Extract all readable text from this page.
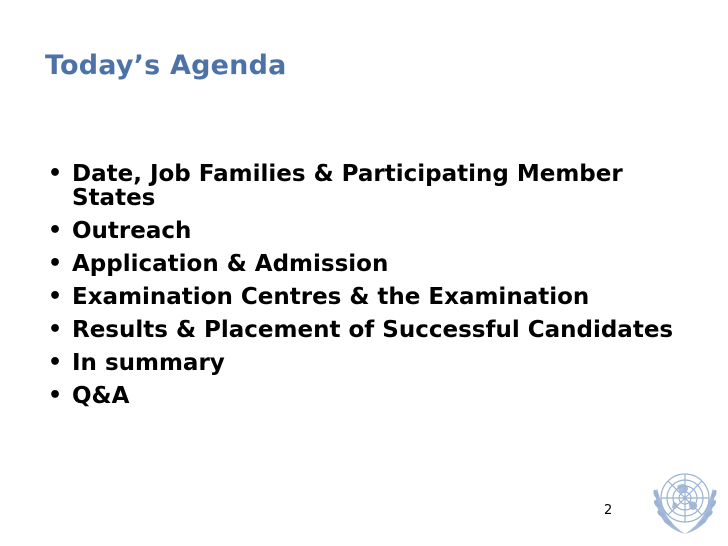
Today’s Agenda
• Date, Job Families & Participating Member States
• Outreach
• Application & Admission
• Examination Centres & the Examination
• Results & Placement of Successful Candidates
• In summary
• Q&A
2
